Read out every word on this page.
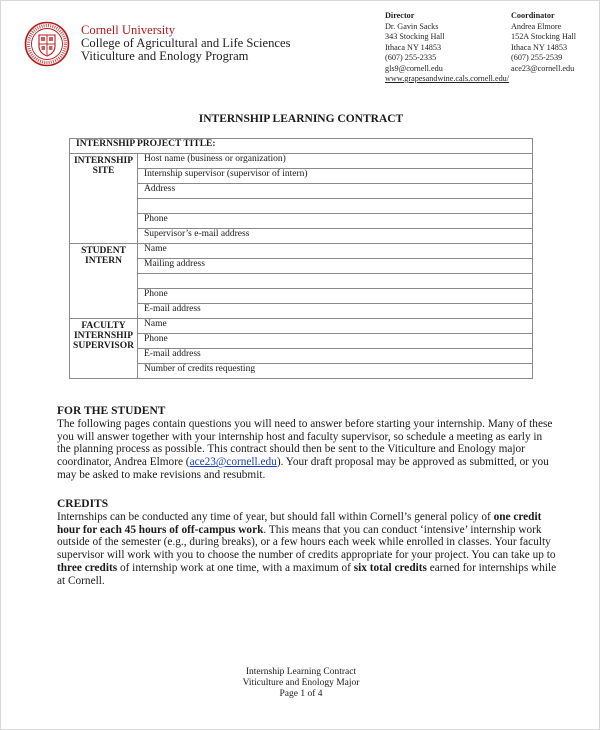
Cornell University
College of Agricultural and Life Sciences
Viticulture and Enology Program
Director
Dr. Gavin Sacks
343 Stocking Hall
Ithaca NY 14853
(607) 255-2335
gls9@cornell.edu
Coordinator
Andrea Elmore
152A Stocking Hall
Ithaca NY 14853
(607) 255-2539
ace23@cornell.edu
www.grapesandwine.cals.cornell.edu/
INTERNSHIP LEARNING CONTRACT
INTERNSHIP PROJECT TITLE:	

INTERNSHIP
SITE	Host name (business or organization)
	Internship supervisor (supervisor of intern)
	Address

	Phone
	Supervisor’s e-mail address

STUDENT
INTERN	Name
	Mailing address

	Phone
	E-mail address

FACULTY
INTERNSHIP
SUPERVISOR	Name
	Phone
	E-mail address
	Number of credits requesting
FOR THE STUDENT
The following pages contain questions you will need to answer before starting your internship. Many of these you will answer together with your internship host and faculty supervisor, so schedule a meeting as early in the planning process as possible. This contract should then be sent to the Viticulture and Enology major coordinator, Andrea Elmore (ace23@cornell.edu). Your draft proposal may be approved as submitted, or you may be asked to make revisions and resubmit.
CREDITS
Internships can be conducted any time of year, but should fall within Cornell’s general policy of one credit hour for each 45 hours of off-campus work. This means that you can conduct ‘intensive’ internship work outside of the semester (e.g., during breaks), or a few hours each week while enrolled in classes. Your faculty supervisor will work with you to choose the number of credits appropriate for your project. You can take up to three credits of internship work at one time, with a maximum of six total credits earned for internships while at Cornell.
Internship Learning Contract
Viticulture and Enology Major
Page 1 of 4
